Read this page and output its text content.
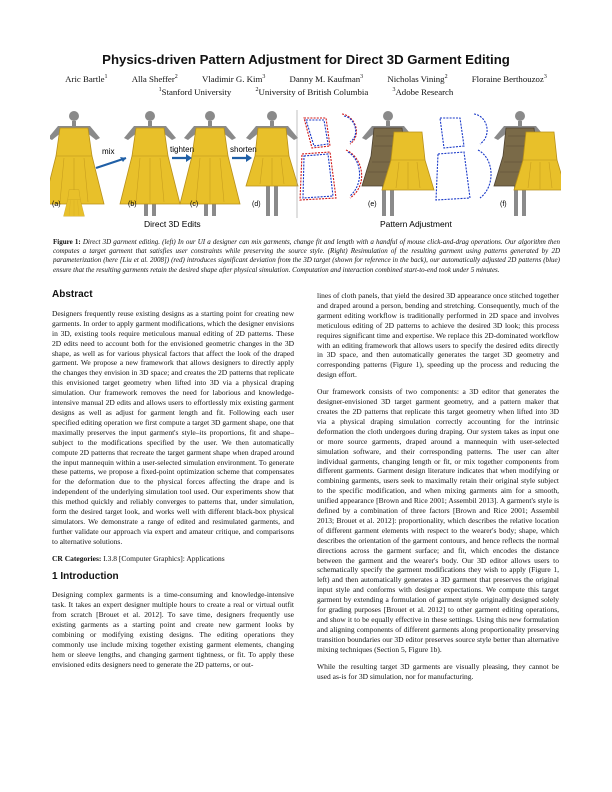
Physics-driven Pattern Adjustment for Direct 3D Garment Editing
Aric Bartle$^1$	Alla Sheffer$^2$	Vladimir G. Kim$^3$	Danny M. Kaufman$^3$	Nicholas Vining$^2$	Floraine Berthouzoz$^3$
$^1$Stanford University	$^2$University of British Columbia	$^3$Adobe Research
mix	tighten	shorten
(a)	(b)	(c)	(d)
Direct 3D Edits
(e)	(f)
Pattern Adjustment
Figure 1: Direct 3D garment editing. (left) In our UI a designer can mix garments, change fit and length with a handful of mouse click-and-drag operations. Our algorithm then computes a target garment that satisfies user constraints while preserving the source style. (Right) Resimulation of the resulting garment using patterns generated by 2D parameterization (here [Liu et al. 2008]) (red) introduces significant deviation from the 3D target (shown for reference in the back), our automatically adjusted 2D patterns (blue) ensure that the resulting garments retain the desired shape after physical simulation. Computation and interaction combined start-to-end took under 5 minutes.
Abstract

Designers frequently reuse existing designs as a starting point for creating new garments. In order to apply garment modifications, which the designer envisions in 3D, existing tools require meticulous manual editing of 2D patterns. These 2D edits need to account both for the envisioned geometric changes in the 3D shape, as well as for various physical factors that affect the look of the draped garment. We propose a new framework that allows designers to directly apply the changes they envision in 3D space; and creates the 2D patterns that replicate this envisioned target geometry when lifted into 3D via a physical draping simulation. Our framework removes the need for laborious and knowledge-intensive manual 2D edits and allows users to effortlessly mix existing garment designs as well as adjust for garment length and fit. Following each user specified editing operation we first compute a target 3D garment shape, one that maximally preserves the input garment's style–its proportions, fit and shape–subject to the modifications specified by the user. We then automatically compute 2D patterns that recreate the target garment shape when draped around the input mannequin within a user-selected simulation environment. To generate these patterns, we propose a fixed-point optimization scheme that compensates for the deformation due to the physical forces affecting the drape and is independent of the underlying simulation tool used. Our experiments show that this method quickly and reliably converges to patterns that, under simulation, form the desired target look, and works well with different black-box physical simulators. We demonstrate a range of edited and resimulated garments, and further validate our approach via expert and amateur critique, and comparisons to alternative solutions.

CR Categories: I.3.8 [Computer Graphics]: Applications

1 Introduction

Designing complex garments is a time-consuming and knowledge-intensive task. It takes an expert designer multiple hours to create a real or virtual outfit from scratch [Brouet et al. 2012]. To save time, designers frequently use existing garments as a starting point and create new garment looks by combining or modifying existing designs. The editing operations they commonly use include mixing together existing garment elements, changing hem or sleeve lengths, and changing garment tightness, or fit. To apply these envisioned edits designers need to generate the 2D patterns, or out-

lines of cloth panels, that yield the desired 3D appearance once stitched together and draped around a person, bending and stretching. Consequently, much of the garment editing workflow is traditionally performed in 2D space and involves meticulous editing of 2D patterns to achieve the desired 3D look; this process requires significant time and expertise. We replace this 2D-dominated workflow with an editing framework that allows users to specify the desired edits directly in 3D space, and then automatically generates the target 3D geometry and corresponding patterns (Figure 1), speeding up the process and reducing the design effort.

Our framework consists of two components: a 3D editor that generates the designer-envisioned 3D target garment geometry, and a pattern maker that creates the 2D patterns that replicate this target geometry when lifted into 3D via a physical draping simulation correctly accounting for the intrinsic deformation the cloth undergoes during draping. Our system takes as input one or more source garments, draped around a mannequin with user-selected simulation software, and their corresponding patterns. The user can alter individual garments, changing length or fit, or mix together components from different garments. Garment design literature indicates that when modifying or combining garments, users seek to maximally retain their original style subject to the specific modification, and when mixing garments aim for a smooth, unified appearance [Brown and Rice 2001; Assembil 2013]. A garment's style is defined by a combination of three factors [Brown and Rice 2001; Assembil 2013; Brouet et al. 2012]: proportionality, which describes the relative location of different garment elements with respect to the wearer's body; shape, which describes the orientation of the garment contours, and hence reflects the normal directions across the garment surface; and fit, which encodes the distance between the garment and the wearer's body. Our 3D editor allows users to schematically specify the garment modifications they wish to apply (Figure 1, left) and then automatically generates a 3D garment that preserves the original input style and conforms with designer expectations. We compute this target garment by extending a formulation of garment style originally designed solely for grading purposes [Brouet et al. 2012] to other garment editing operations, and show it to be equally effective in these settings. Using this new formulation and aligning components of different garments along proportionality preserving transition boundaries our 3D editor preserves source style better than alternative mixing techniques (Section 5, Figure 1b).

While the resulting target 3D garments are visually pleasing, they cannot be used as-is for 3D simulation, nor for manufacturing.
